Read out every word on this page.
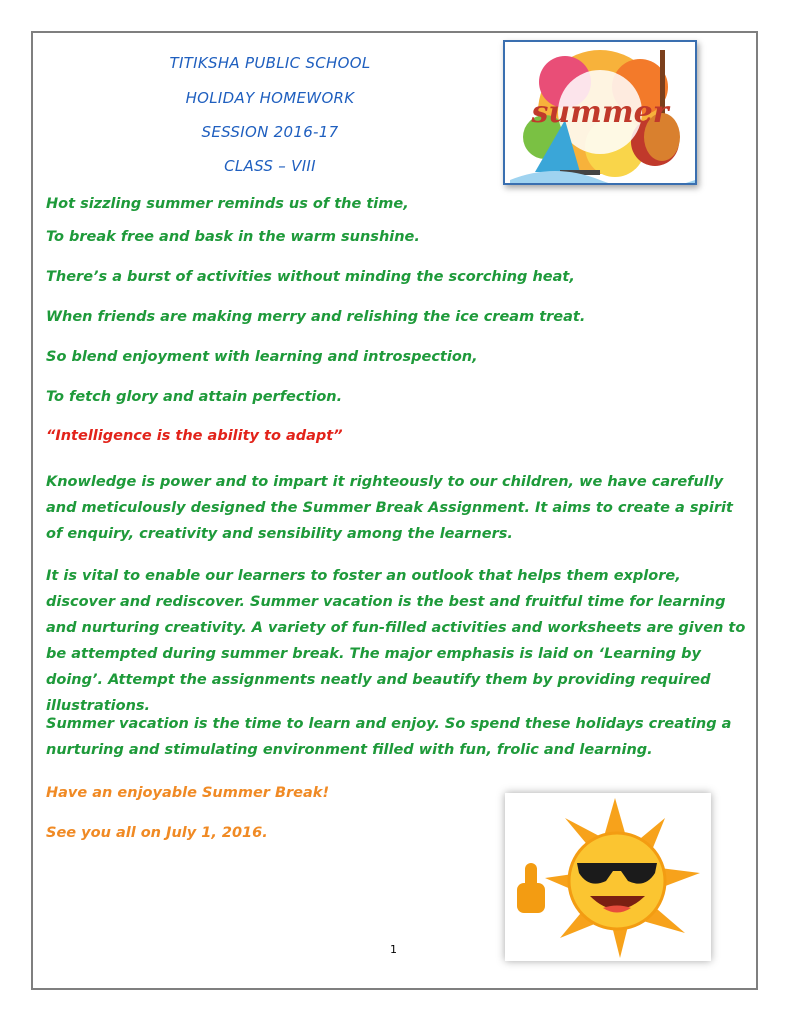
TITIKSHA PUBLIC SCHOOL
HOLIDAY HOMEWORK
SESSION 2016-17
CLASS – VIII
summer
Hot sizzling summer reminds us of the time,
To break free and bask in the warm sunshine.
There’s a burst of activities without minding the scorching heat,
When friends are making merry and relishing the ice cream treat.
So blend enjoyment with learning and introspection,
To fetch glory and attain perfection.
“Intelligence is the ability to adapt”
Knowledge is power and to impart it righteously to our children, we have carefully and meticulously designed the Summer Break Assignment. It aims to create a spirit of enquiry, creativity and sensibility among the learners.
It is vital to enable our learners to foster an outlook that helps them explore, discover and rediscover. Summer vacation is the best and fruitful time for learning and nurturing creativity. A variety of fun-filled activities and worksheets are given to be attempted during summer break. The major emphasis is laid on ‘Learning by doing’. Attempt the assignments neatly and beautify them by providing required illustrations.
Summer vacation is the time to learn and enjoy. So spend these holidays creating a nurturing and stimulating environment filled with fun, frolic and learning.
Have an enjoyable Summer Break!
See you all on July 1, 2016.
1
